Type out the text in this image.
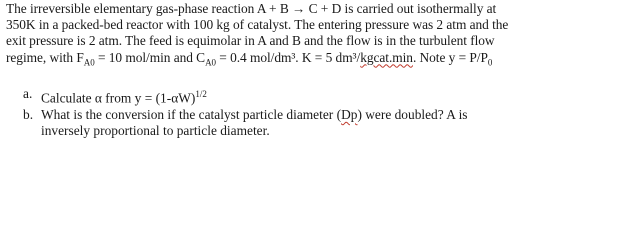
The irreversible elementary gas-phase reaction A + B → C + D is carried out isothermally at
350K in a packed-bed reactor with 100 kg of catalyst. The entering pressure was 2 atm and the
exit pressure is 2 atm. The feed is equimolar in A and B and the flow is in the turbulent flow
regime, with $F_{A0} = 10$ mol/min and $C_{A0} = 0.4$ mol/dm³. K = 5 dm³/kgcat.min. Note $y = P/P_0$
a. Calculate α from $y = (1-\alpha W)^{1/2}$
b. What is the conversion if the catalyst particle diameter (Dp) were doubled? A is
inversely proportional to particle diameter.
